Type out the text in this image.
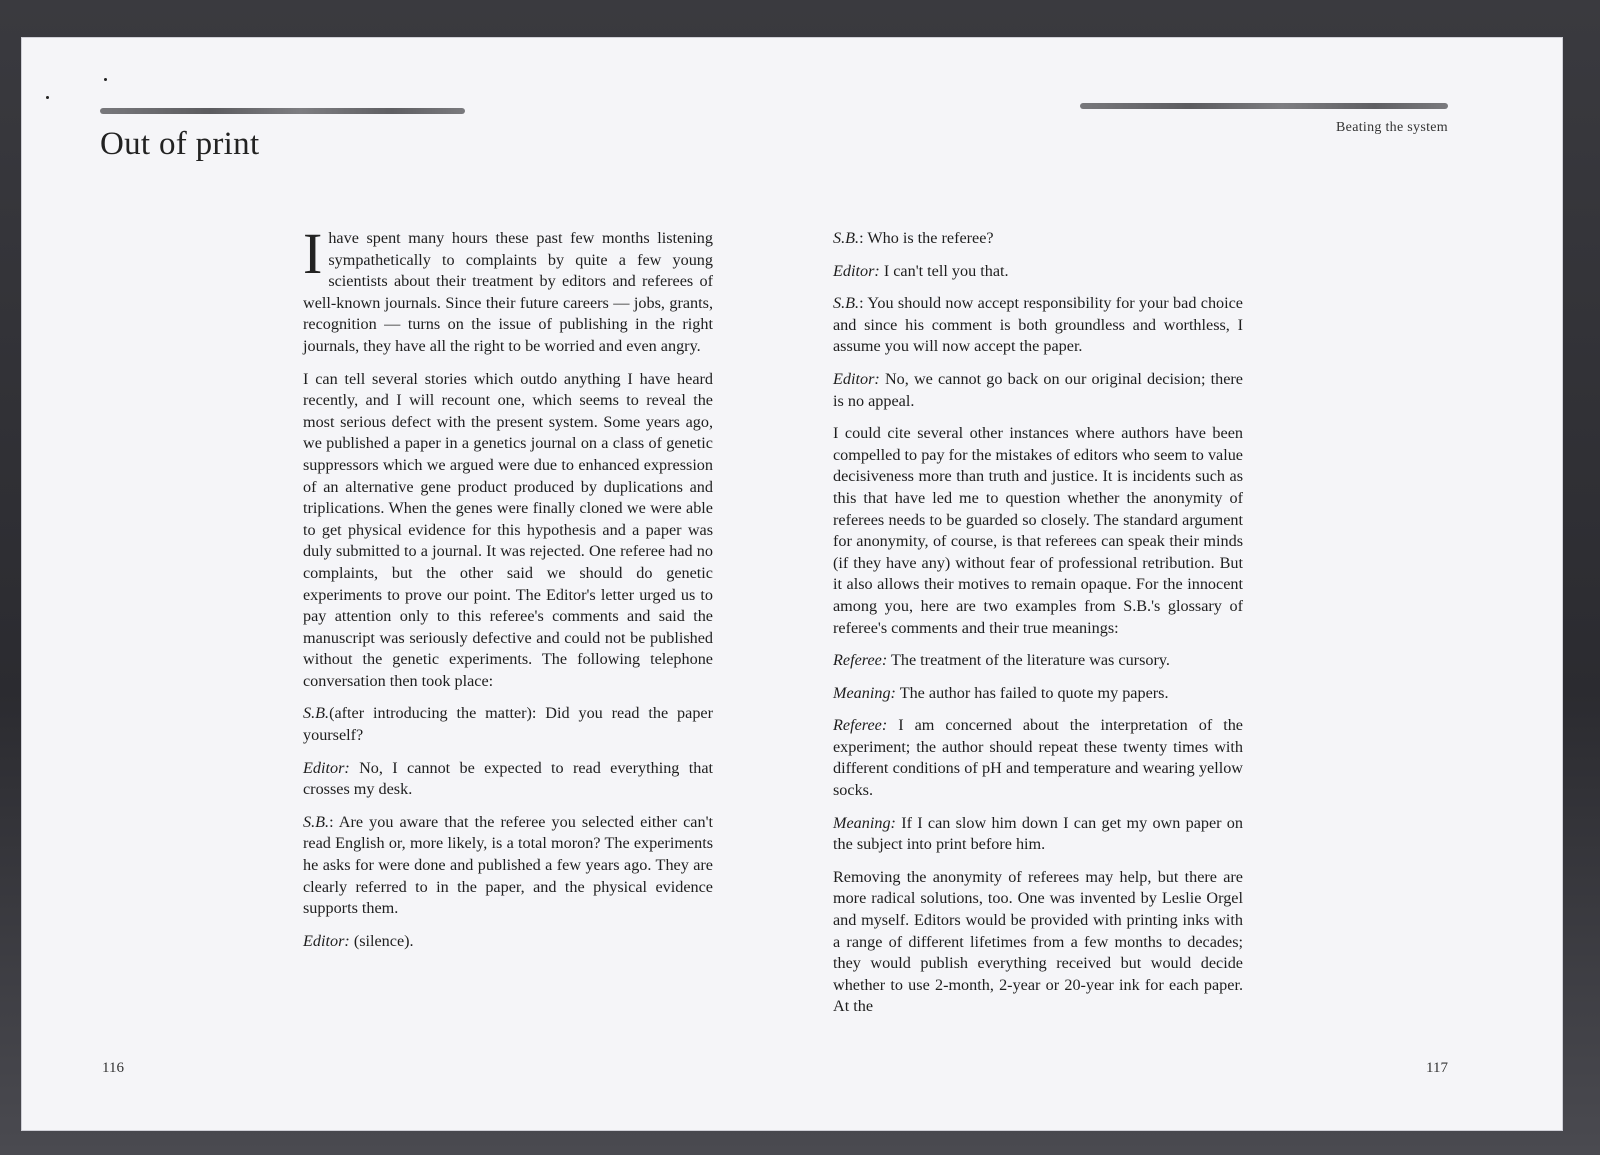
Out of print	Beating the system

Ihave spent many hours these past few months listening sympathetically to complaints by quite a few young scientists about their treatment by editors and referees of well-known journals. Since their future careers — jobs, grants, recognition — turns on the issue of publishing in the right journals, they have all the right to be worried and even angry.

I can tell several stories which outdo anything I have heard recently, and I will recount one, which seems to reveal the most serious defect with the present system. Some years ago, we published a paper in a genetics journal on a class of genetic suppressors which we argued were due to enhanced expression of an alternative gene product produced by duplications and triplications. When the genes were finally cloned we were able to get physical evidence for this hypothesis and a paper was duly submitted to a journal. It was rejected. One referee had no complaints, but the other said we should do genetic experiments to prove our point. The Editor's letter urged us to pay attention only to this referee's comments and said the manuscript was seriously defective and could not be published without the genetic experiments. The following telephone conversation then took place:

S.B.(after introducing the matter): Did you read the paper yourself?

Editor: No, I cannot be expected to read everything that crosses my desk.

S.B.: Are you aware that the referee you selected either can't read English or, more likely, is a total moron? The experiments he asks for were done and published a few years ago. They are clearly referred to in the paper, and the physical evidence supports them.

Editor: (silence).

S.B.: Who is the referee?

Editor: I can't tell you that.

S.B.: You should now accept responsibility for your bad choice and since his comment is both groundless and worthless, I assume you will now accept the paper.

Editor: No, we cannot go back on our original decision; there is no appeal.

I could cite several other instances where authors have been compelled to pay for the mistakes of editors who seem to value decisiveness more than truth and justice. It is incidents such as this that have led me to question whether the anonymity of referees needs to be guarded so closely. The standard argument for anonymity, of course, is that referees can speak their minds (if they have any) without fear of professional retribution. But it also allows their motives to remain opaque. For the innocent among you, here are two examples from S.B.'s glossary of referee's comments and their true meanings:

Referee: The treatment of the literature was cursory.

Meaning: The author has failed to quote my papers.

Referee: I am concerned about the interpretation of the experiment; the author should repeat these twenty times with different conditions of pH and temperature and wearing yellow socks.

Meaning: If I can slow him down I can get my own paper on the subject into print before him.

Removing the anonymity of referees may help, but there are more radical solutions, too. One was invented by Leslie Orgel and myself. Editors would be provided with printing inks with a range of different lifetimes from a few months to decades; they would publish everything received but would decide whether to use 2-month, 2-year or 20-year ink for each paper. At the

116	117
